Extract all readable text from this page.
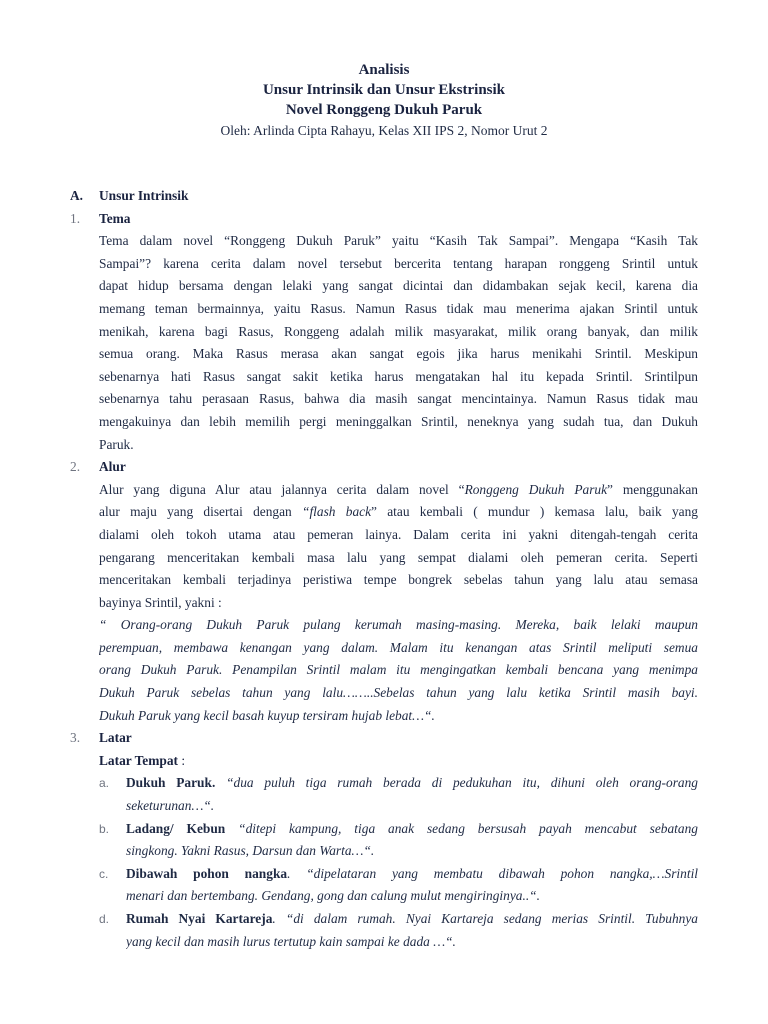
Analisis
Unsur Intrinsik dan Unsur Ekstrinsik
Novel Ronggeng Dukuh Paruk
Oleh: Arlinda Cipta Rahayu, Kelas XII IPS 2, Nomor Urut 2
A. Unsur Intrinsik
1. Tema
Tema dalam novel “Ronggeng Dukuh Paruk” yaitu “Kasih Tak Sampai”. Mengapa “Kasih Tak
Sampai”? karena cerita dalam novel tersebut bercerita tentang harapan ronggeng Srintil untuk
dapat hidup bersama dengan lelaki yang sangat dicintai dan didambakan sejak kecil, karena dia
memang teman bermainnya, yaitu Rasus. Namun Rasus tidak mau menerima ajakan Srintil untuk
menikah, karena bagi Rasus, Ronggeng adalah milik masyarakat, milik orang banyak, dan milik
semua orang. Maka Rasus merasa akan sangat egois jika harus menikahi Srintil. Meskipun
sebenarnya hati Rasus sangat sakit ketika harus mengatakan hal itu kepada Srintil. Srintilpun
sebenarnya tahu perasaan Rasus, bahwa dia masih sangat mencintainya. Namun Rasus tidak mau
mengakuinya dan lebih memilih pergi meninggalkan Srintil, neneknya yang sudah tua, dan Dukuh
Paruk.
2. Alur
Alur yang diguna Alur atau jalannya cerita dalam novel “Ronggeng Dukuh Paruk” menggunakan
alur maju yang disertai dengan “flash back” atau kembali ( mundur ) kemasa lalu, baik yang
dialami oleh tokoh utama atau pemeran lainya. Dalam cerita ini yakni ditengah-tengah cerita
pengarang menceritakan kembali masa lalu yang sempat dialami oleh pemeran cerita. Seperti
menceritakan kembali terjadinya peristiwa tempe bongrek sebelas tahun yang lalu atau semasa
bayinya Srintil, yakni :
“ Orang-orang Dukuh Paruk pulang kerumah masing-masing. Mereka, baik lelaki maupun
perempuan, membawa kenangan yang dalam. Malam itu kenangan atas Srintil meliputi semua
orang Dukuh Paruk. Penampilan Srintil malam itu mengingatkan kembali bencana yang menimpa
Dukuh Paruk sebelas tahun yang lalu……..Sebelas tahun yang lalu ketika Srintil masih bayi.
Dukuh Paruk yang kecil basah kuyup tersiram hujab lebat…“.
3. Latar
Latar Tempat :
a. Dukuh Paruk. “dua puluh tiga rumah berada di pedukuhan itu, dihuni oleh orang-orang
seketurunan…“.
b. Ladang/ Kebun “ditepi kampung, tiga anak sedang bersusah payah mencabut sebatang
singkong. Yakni Rasus, Darsun dan Warta…“.
c. Dibawah pohon nangka. “dipelataran yang membatu dibawah pohon nangka,…Srintil
menari dan bertembang. Gendang, gong dan calung mulut mengiringinya..“.
d. Rumah Nyai Kartareja. “di dalam rumah. Nyai Kartareja sedang merias Srintil. Tubuhnya
yang kecil dan masih lurus tertutup kain sampai ke dada …“.
